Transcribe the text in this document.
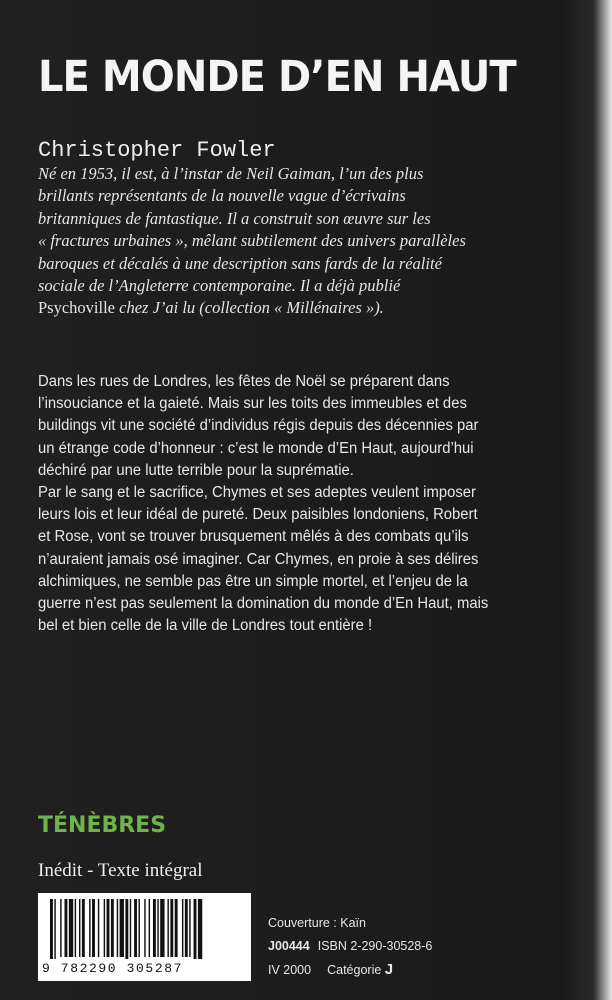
LE MONDE D’EN HAUT
Christopher Fowler
Né en 1953, il est, à l’instar de Neil Gaiman, l’un des plus
brillants représentants de la nouvelle vague d’écrivains
britanniques de fantastique. Il a construit son œuvre sur les
« fractures urbaines », mêlant subtilement des univers parallèles
baroques et décalés à une description sans fards de la réalité
sociale de l’Angleterre contemporaine. Il a déjà publié
Psychoville chez J’ai lu (collection « Millénaires »).
Dans les rues de Londres, les fêtes de Noël se préparent dans
l’insouciance et la gaieté. Mais sur les toits des immeubles et des
buildings vit une société d’individus régis depuis des décennies par
un étrange code d’honneur : c’est le monde d’En Haut, aujourd’hui
déchiré par une lutte terrible pour la suprématie.
Par le sang et le sacrifice, Chymes et ses adeptes veulent imposer
leurs lois et leur idéal de pureté. Deux paisibles londoniens, Robert
et Rose, vont se trouver brusquement mêlés à des combats qu’ils
n’auraient jamais osé imaginer. Car Chymes, en proie à ses délires
alchimiques, ne semble pas être un simple mortel, et l’enjeu de la
guerre n’est pas seulement la domination du monde d’En Haut, mais
bel et bien celle de la ville de Londres tout entière !
TÉNÈBRES
Inédit - Texte intégral
9 782290 305287
Couverture : Kaïn
J00444 ISBN 2-290-30528-6
IV 2000 Catégorie J
